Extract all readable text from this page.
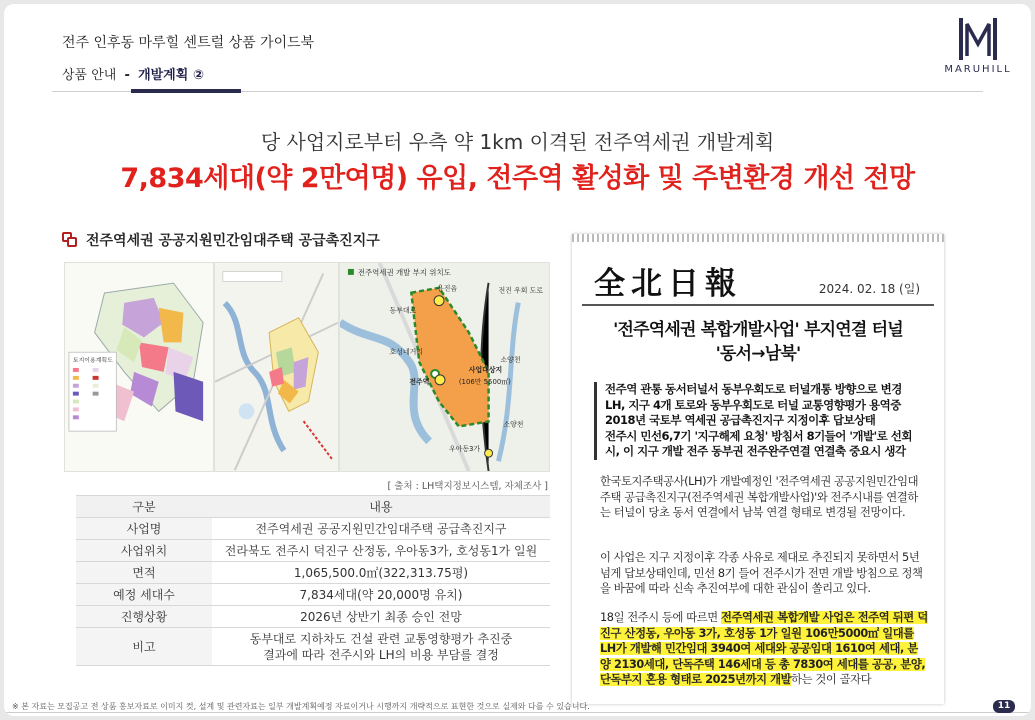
전주 인후동 마루힐 센트럴 상품 가이드북
상품 안내 - 개발계획 ②	MARUHILL
당 사업지로부터 우측 약 1km 이격된 전주역세권 개발계획
7,834세대(약 2만여명) 유입, 전주역 활성화 및 주변환경 개선 전망
전주역세권 공공지원민간임대주택 공급촉진지구
토지이용계획도
전주역세권 개발 부지 위치도
용진읍
동부대로
전진 우회 도로
소양천
호성네거리
사업대상지
(106만 5500㎡)
전주역
소양천
우아동3가
[ 출처 : LH택지정보시스템, 자체조사 ]
구분	내용
사업명	전주역세권 공공지원민간임대주택 공급촉진지구
사업위치	전라북도 전주시 덕진구 산정동, 우아동3가, 호성동1가 일원
면적	1,065,500.0㎡(322,313.75평)
예정 세대수	7,834세대(약 20,000명 유치)
진행상황	2026년 상반기 최종 승인 전망
비고	동부대로 지하차도 건설 관련 교통영향평가 추진중
결과에 따라 전주시와 LH의 비용 부담를 결정
全北日報	2024. 02. 18 (일)
'전주역세권 복합개발사업' 부지연결 터널
'동서→남북'
전주역 관통 동서터널서 동부우회도로 터널개통 방향으로 변경
LH, 지구 4개 토로와 동부우회도로 터널 교통영향평가 용역중
2018년 국토부 역세권 공급촉진지구 지정이후 답보상태
전주시 민선6,7기 '지구해제 요청' 방침서 8기들어 '개발'로 선회
시, 이 지구 개발 전주 동부권 전주완주연결 연결축 중요시 생각
한국토지주택공사(LH)가 개발예정인 '전주역세권 공공지원민간임대주택 공급촉진지구(전주역세권 복합개발사업)'와 전주시내를 연결하는 터널이 당초 동서 연결에서 남북 연결 형태로 변경될 전망이다.
이 사업은 지구 지정이후 각종 사유로 제대로 추진되지 못하면서 5년 넘게 답보상태인데, 민선 8기 들어 전주시가 전면 개발 방침으로 정책을 바꿈에 따라 신속 추진여부에 대한 관심이 쏠리고 있다.
18일 전주시 등에 따르면 전주역세권 복합개발 사업은 전주역 뒤편 덕진구 산정동, 우아동 3가, 호성동 1가 일원 106만5000㎡ 일대를 LH가 개발해 민간임대 3940여 세대와 공공임대 1610여 세대, 분양 2130세대, 단독주택 146세대 등 총 7830여 세대를 공공, 분양, 단독부지 혼용 형태로 2025년까지 개발하는 것이 골자다
※ 본 자료는 모집공고 전 상품 홍보자료로 이미지 컷, 설계 및 관련자료는 일부 개발계획예정 자료이거나 시행까지 개략적으로 표현한 것으로 실제와 다를 수 있습니다.	11
